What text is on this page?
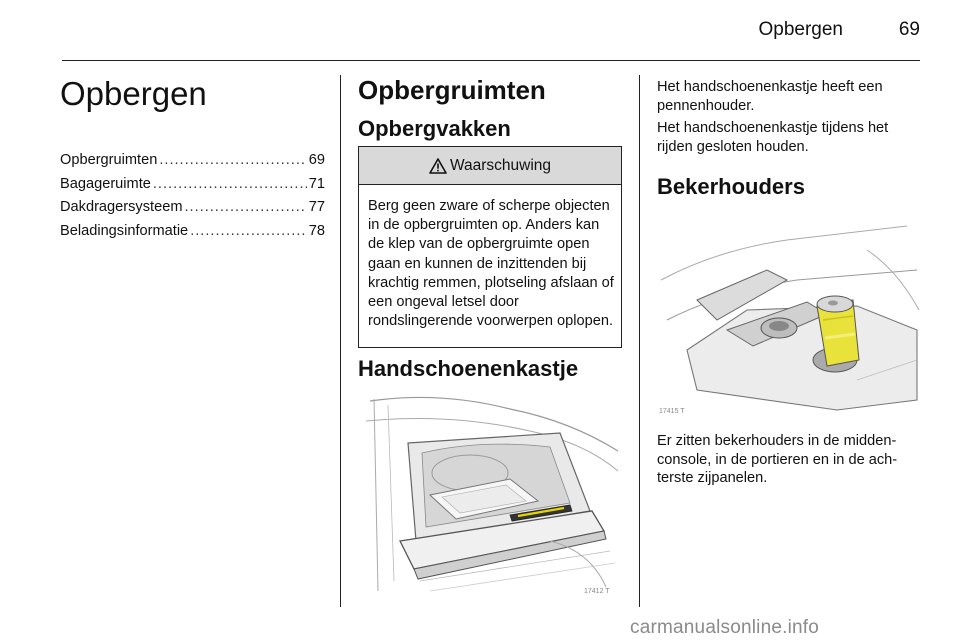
Opbergen	69
Opbergen
Opbergruimten .....	69
Bagageruimte .....	71
Dakdragersysteem .....	77
Beladingsinformatie .....	78
Opbergruimten
Opbergvakken
Waarschuwing
Berg geen zware of scherpe objecten in de opbergruimten op. Anders kan de klep van de opbergruimte open gaan en kunnen de inzittenden bij krachtig remmen, plotseling afslaan of een ongeval letsel door rondslingerende voorwerpen oplopen.
Handschoenenkastje
17412 T

Het handschoenenkastje heeft een pennenhouder.

Het handschoenenkastje tijdens het rijden gesloten houden.

Bekerhouders
17415 T

Er zitten bekerhouders in de middenconsole, in de portieren en in de achterste zijpanelen.

carmanualsonline.info
